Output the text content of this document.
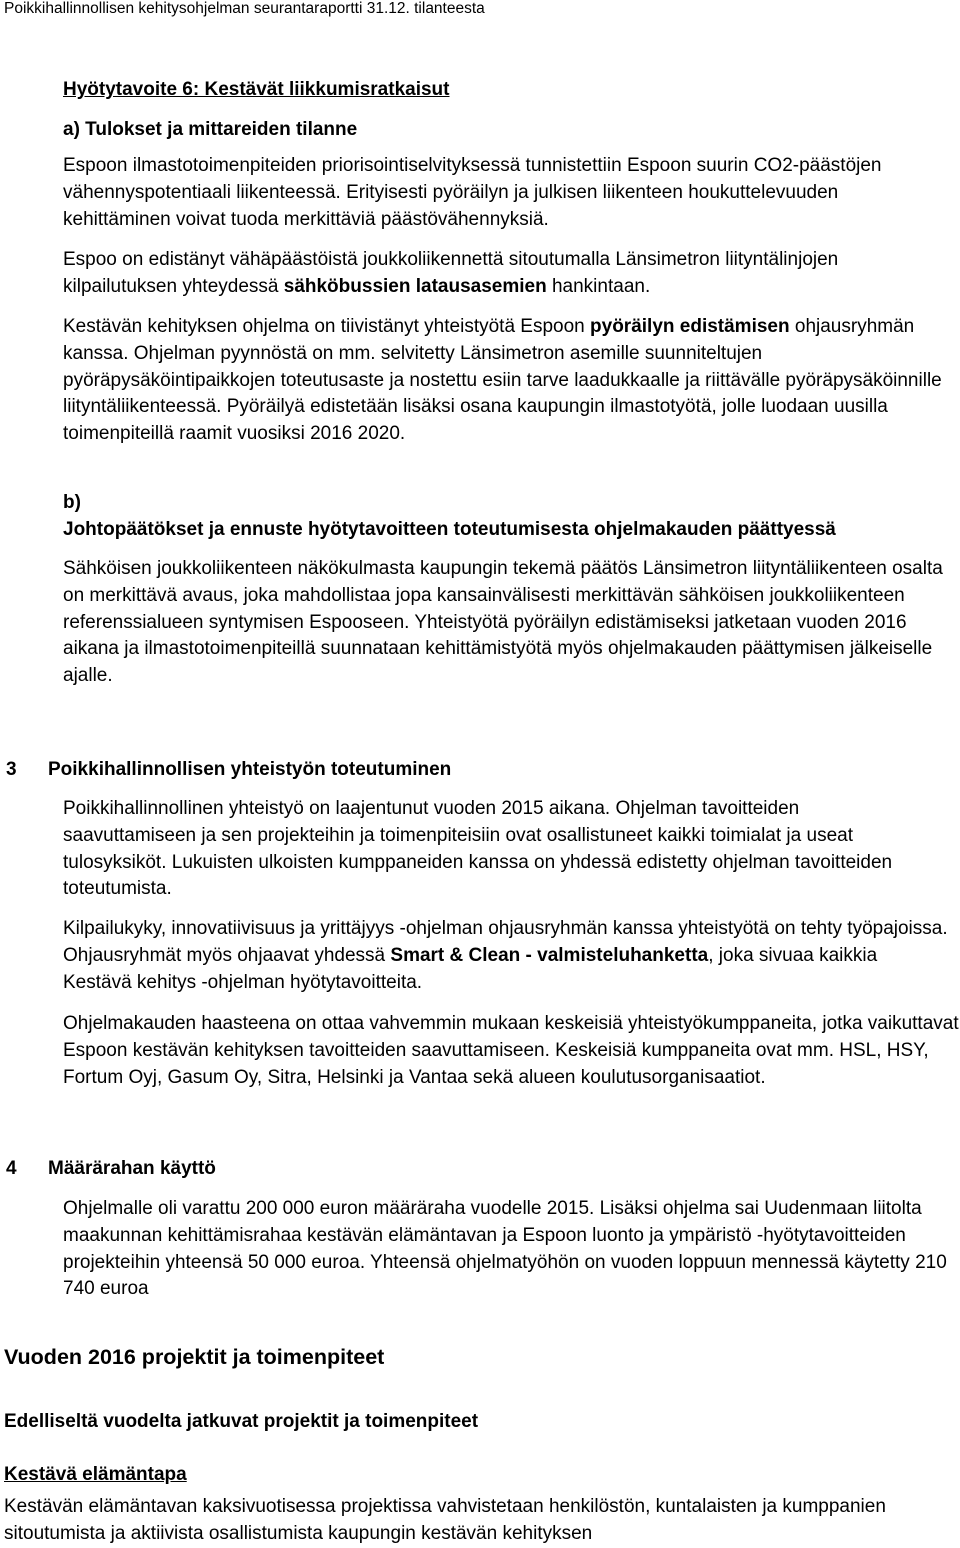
Poikkihallinnollisen kehitysohjelman seurantaraportti 31.12. tilanteesta
Hyötytavoite 6: Kestävät liikkumisratkaisut
a) Tulokset ja mittareiden tilanne

Espoon ilmastotoimenpiteiden priorisointiselvityksessä tunnistettiin Espoon suurin CO2-päästöjen vähennyspotentiaali liikenteessä. Erityisesti pyöräilyn ja julkisen liikenteen houkuttelevuuden kehittäminen voivat tuoda merkittäviä päästövähennyksiä.

Espoo on edistänyt vähäpäästöistä joukkoliikennettä sitoutumalla Länsimetron liityntälinjojen kilpailutuksen yhteydessä sähköbussien latausasemien hankintaan.

Kestävän kehityksen ohjelma on tiivistänyt yhteistyötä Espoon pyöräilyn edistämisen ohjausryhmän kanssa. Ohjelman pyynnöstä on mm. selvitetty Länsimetron asemille suunniteltujen pyöräpysäköintipaikkojen toteutusaste ja nostettu esiin tarve laadukkaalle ja riittävälle pyöräpysäköinnille liityntäliikenteessä. Pyöräilyä edistetään lisäksi osana kaupungin ilmastotyötä, jolle luodaan uusilla toimenpiteillä raamit vuosiksi 2016 2020.

b)Johtopäätökset ja ennuste hyötytavoitteen toteutumisesta ohjelmakauden päättyessä

Sähköisen joukkoliikenteen näkökulmasta kaupungin tekemä päätös Länsimetron liityntäliikenteen osalta on merkittävä avaus, joka mahdollistaa jopa kansainvälisesti merkittävän sähköisen joukkoliikenteen referenssialueen syntymisen Espooseen. Yhteistyötä pyöräilyn edistämiseksi jatketaan vuoden 2016 aikana ja ilmastotoimenpiteillä suunnataan kehittämistyötä myös ohjelmakauden päättymisen jälkeiselle ajalle.

3 Poikkihallinnollisen yhteistyön toteutuminen

Poikkihallinnollinen yhteistyö on laajentunut vuoden 2015 aikana. Ohjelman tavoitteiden saavuttamiseen ja sen projekteihin ja toimenpiteisiin ovat osallistuneet kaikki toimialat ja useat tulosyksiköt. Lukuisten ulkoisten kumppaneiden kanssa on yhdessä edistetty ohjelman tavoitteiden toteutumista.

Kilpailukyky, innovatiivisuus ja yrittäjyys -ohjelman ohjausryhmän kanssa yhteistyötä on tehty työpajoissa. Ohjausryhmät myös ohjaavat yhdessä Smart & Clean - valmisteluhanketta, joka sivuaa kaikkia Kestävä kehitys -ohjelman hyötytavoitteita.

Ohjelmakauden haasteena on ottaa vahvemmin mukaan keskeisiä yhteistyökumppaneita, jotka vaikuttavat Espoon kestävän kehityksen tavoitteiden saavuttamiseen. Keskeisiä kumppaneita ovat mm. HSL, HSY, Fortum Oyj, Gasum Oy, Sitra, Helsinki ja Vantaa sekä alueen koulutusorganisaatiot.

4 Määrärahan käyttö

Ohjelmalle oli varattu 200 000 euron määräraha vuodelle 2015. Lisäksi ohjelma sai Uudenmaan liitolta maakunnan kehittämisrahaa kestävän elämäntavan ja Espoon luonto ja ympäristö -hyötytavoitteiden projekteihin yhteensä 50 000 euroa. Yhteensä ohjelmatyöhön on vuoden loppuun mennessä käytetty 210 740 euroa

Vuoden 2016 projektit ja toimenpiteet
Edelliseltä vuodelta jatkuvat projektit ja toimenpiteet
Kestävä elämäntapa

Kestävän elämäntavan kaksivuotisessa projektissa vahvistetaan henkilöstön, kuntalaisten ja kumppanien sitoutumista ja aktiivista osallistumista kaupungin kestävän kehityksen
